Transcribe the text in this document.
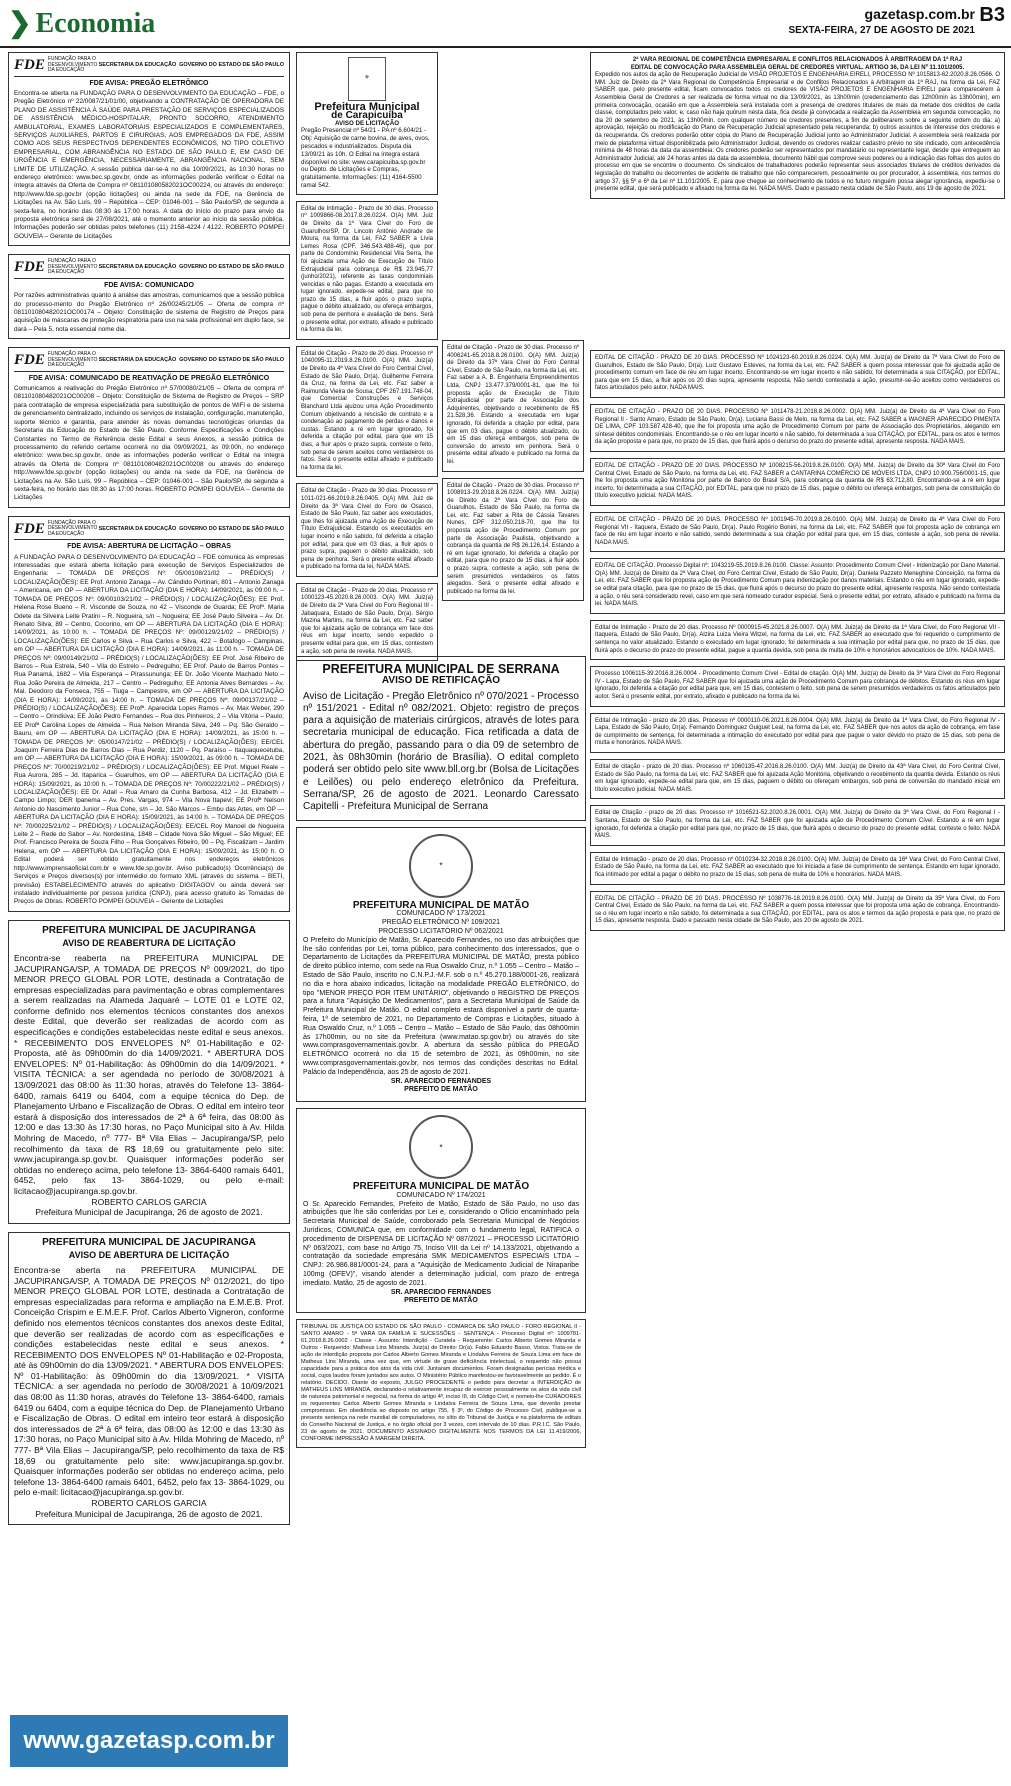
❯ Economia	gazetasp.com.br
SEXTA-FEIRA, 27 DE AGOSTO DE 2021
B3
FDE FUNDAÇÃO PARA O DESENVOLVIMENTO DA EDUCAÇÃO
SECRETARIA DA EDUCAÇÃO GOVERNO DO ESTADO DE SÃO PAULO
FDE AVISA: PREGÃO ELETRÔNICO
Encontra-se aberta na FUNDAÇÃO PARA O DESENVOLVIMENTO DA EDUCAÇÃO – FDE, o Pregão Eletrônico nº 22/0087/21/01/00, objetivando a CONTRATAÇÃO DE OPERADORA DE PLANO DE ASSISTÊNCIA À SAÚDE PARA PRESTAÇÃO DE SERVIÇOS ESPECIALIZADOS DE ASSISTÊNCIA MÉDICO-HOSPITALAR, PRONTO SOCORRO, ATENDIMENTO AMBULATORIAL, EXAMES LABORATORIAIS ESPECIALIZADOS E COMPLEMENTARES, SERVIÇOS AUXILIARES, PARTOS E CIRURGIAS, AOS EMPREGADOS DA FDE, ASSIM COMO AOS SEUS RESPECTIVOS DEPENDENTES ECONÔMICOS, NO TIPO COLETIVO EMPRESARIAL, COM ABRANGÊNCIA NO ESTADO DE SÃO PAULO E, EM CASO DE URGÊNCIA E EMERGÊNCIA, NECESSARIAMENTE, ABRANGÊNCIA NACIONAL, SEM LIMITE DE UTILIZAÇÃO. A sessão pública dar-se-á no dia 10/09/2021, às 10:30 horas no endereço eletrônico: www.bec.sp.gov.br, onde as informações poderão verificar o Edital na íntegra através da Oferta de Compra nº 081101080582021OC00224, ou através do endereço: http://www.fde.sp.gov.br (opção licitações) ou ainda na sede da FDE, na Gerência de Licitações na Av. São Luís, 99 – República – CEP: 01046-001 – São Paulo/SP, de segunda a sexta-feira, no horário das 08:30 às 17:00 horas. A data do início do prazo para envio da proposta eletrônica será de 27/08/2021, até o momento anterior ao início da sessão pública. Informações poderão ser obtidas pelos telefones (11) 2158-4224 / 4122. ROBERTO POMPEI GOUVEIA – Gerente de Licitações
FDE FUNDAÇÃO PARA O DESENVOLVIMENTO DA EDUCAÇÃO
SECRETARIA DA EDUCAÇÃO GOVERNO DO ESTADO DE SÃO PAULO
FDE AVISA: COMUNICADO
Por razões administrativas quanto à análise das amostras, comunicamos que a sessão pública do processo-mento do Pregão Eletrônico nº 26/00245/21/05 – Oferta de compra nº 081101080482021OC00174 – Objeto: Constituição de sistema de Registro de Preços para aquisição de máscaras de proteção respiratória para uso na sala profissional em duplo face, se dará – Pela 5, nota essencial nome dia.
FDE FUNDAÇÃO PARA O DESENVOLVIMENTO DA EDUCAÇÃO
SECRETARIA DA EDUCAÇÃO GOVERNO DO ESTADO DE SÃO PAULO
FDE AVISA: COMUNICADO DE REATIVAÇÃO DE PREGÃO ELETRÔNICO
Comunicamos a reativação do Pregão Eletrônico nº 57/00080/21/05 – Oferta de compra nº 081101080482021OC00208 – Objeto: Constituição de Sistema de Registro de Preços – SRP para contratação de empresa especializada para substituição de pontos de WiFi e de sistema de gerenciamento centralizado, incluindo os serviços de instalação, configuração, manutenção, suporte técnico e garantia, para atender às novas demandas tecnológicas oriundas da Secretaria da Educação do Estado de São Paulo. Conforme Especificações e Condições Constantes no Termo de Referência deste Edital e seus Anexos, a sessão pública de processamento do referido certame ocorrerá no dia 09/09/2021, às 09:00h, no endereço eletrônico: www.bec.sp.gov.br, onde as informações poderão verificar o Edital na íntegra através da Oferta de Compra nº 081101080482021OC00208 ou através do endereço http://www.fde.sp.gov.br (opção licitações) ou ainda na sede da FDE, na Gerência de Licitações na Av. São Luís, 99 – República – CEP: 01046-001 – São Paulo/SP, de segunda a sexta-feira, no horário das 08:30 às 17:00 horas. ROBERTO POMPEI GOUVEIA – Gerente de Licitações
FDE FUNDAÇÃO PARA O DESENVOLVIMENTO DA EDUCAÇÃO
SECRETARIA DA EDUCAÇÃO GOVERNO DO ESTADO DE SÃO PAULO
FDE AVISA: ABERTURA DE LICITAÇÃO – OBRAS
A FUNDAÇÃO PARA O DESENVOLVIMENTO DA EDUCAÇÃO – FDE comunica às empresas interessadas que estará aberta licitação para execução de Serviços Especializados de Engenharia: – TOMADA DE PREÇOS Nº: 05/00108/21/02 – PRÉDIO(S) / LOCALIZAÇÃO(ÕES): EE Prof. Antonio Zanaga – Av. Cândido Portinari, 801 – Antonio Zanaga – Americana, em OP — ABERTURA DA LICITAÇÃO (DIA E HORA): 14/09/2021, às 09:00 h. – TOMADA DE PREÇOS Nº: 09/00103/21/02 – PRÉDIO(S) / LOCALIZAÇÃO(ÕES): EE Prof. Helena Rose Bueno – R. Visconde de Souza, no 42 – Visconde de Guarda; EE Profª. Maria Odete da Silveira Leite Pratini – R. Nogueira, s/n – Nogueira; EE José Paulo Silveira – Av. Dr. Renato Silva, 89 – Centro, Cocorino, em OP — ABERTURA DA LICITAÇÃO (DIA E HORA): 14/09/2021, às 10:00 h. – TOMADA DE PREÇOS Nº: 09/00129/21/02 – PRÉDIO(S) / LOCALIZAÇÃO(ÕES): EE Carlos e Silva – Rua Carlos e Silva, 422 – Botafogo – Campinas, em OP — ABERTURA DA LICITAÇÃO (DIA E HORA): 14/09/2021, às 11:00 h. – TOMADA DE PREÇOS Nº: 09/00149/21/02 – PRÉDIO(S) / LOCALIZAÇÃO(ÕES): EE Prof. José Ribeiro de Barros – Rua Estrela, 540 – Vila do Estrelo – Pedregulho; EE Prof. Paulo de Barros Pontes – Rua Panamá, 1682 – Vila Esperança – Pirassununga; EE Dr. João Vicente Machado Neto – Rua João Pereira de Almeida, 217 – Centro – Pedregulho; EE Antonia Alves Bernardes – Av. Mal. Deodoro da Fonseca, 755 – Tiuga – Campestre, em OP — ABERTURA DA LICITAÇÃO (DIA E HORA): 14/09/2021, às 14:00 h. – TOMADA DE PREÇOS Nº: 09/00137/21/02 – PRÉDIO(S) / LOCALIZAÇÃO(ÕES): EE Profª. Aparecida Lopes Ramos – Av. Max Weber, 290 – Centro – Orindiúva; EE João Pedro Fernandes – Rua dos Pinheiros, 2 – Vila Vitória – Paulo; EE Profª Carolina Lopes de Almeida – Rua Nelson Miranda Silva, 249 – Pq. São Geraldo – Bauru, em OP — ABERTURA DA LICITAÇÃO (DIA E HORA): 14/09/2021, às 15:00 h. – TOMADA DE PREÇOS Nº: 05/00147/21/02 – PRÉDIO(S) / LOCALIZAÇÃO(ÕES): EE/CEL Joaquim Ferreira Dias de Barros Dias – Rua Perdiz, 1120 – Pq. Paraíso – Itaquaquecetuba, em OP — ABERTURA DA LICITAÇÃO (DIA E HORA): 15/09/2021, às 09:00 h. – TOMADA DE PREÇOS Nº: 70/00219/21/02 – PRÉDIO(S) / LOCALIZAÇÃO(ÕES): EE Prof. Miguel Reale – Rua Aurora, 285 – Jd. Itaparica – Guarulhos, em OP — ABERTURA DA LICITAÇÃO (DIA E HORA): 15/09/2021, às 10:00 h. – TOMADA DE PREÇOS Nº: 70/00222/21/02 – PRÉDIO(S) / LOCALIZAÇÃO(ÕES): EE Dr. Adail – Rua Amaro da Cunha Barbosa, 412 – Jd. Elizabeth – Campo Limpo; DER Ipanema – Av. Pres. Vargas, 974 – Vila Nova Itapevi; EE Profª Nelson Antonio do Nascimento Junior – Rua Cohe, s/n – Jd. São Marcos – Embu das Artes, em OP — ABERTURA DA LICITAÇÃO (DIA E HORA): 15/09/2021, às 14:00 h. – TOMADA DE PREÇOS Nº: 70/00225/21/02 – PRÉDIO(S) / LOCALIZAÇÃO(ÕES): EE/CEL Roy Manoel de Nogueira Leite 2 – Rede do Sabor – Av. Nordestina, 1848 – Cidade Nova São Miguel – São Miguel; EE Prof. Francisco Pereira de Souza Filho – Rua Gonçalves Ribeiro, 90 – Pq. Fiscalizam – Jardim Helena, em OP — ABERTURA DA LICITAÇÃO (DIA E HORA): 15/09/2021, às 15:00 h. O Edital poderá ser obtido gratuitamente nos endereços eletrônicos http://www.imprensaoficial.com.br e www.fde.sp.gov.br. Aviso publicado(s) Ocorrência(s) de Serviços e Preços diversos(s) por intermédio do formato XML (através do sistema – BETI, previsão) ESTABELECIMENTO através do aplicativo DIGITAGOV ou ainda deverá ser instalado individualmente por pessoa jurídica (CNPJ), para acesso gratuito às Tomadas de Preços de Obras. ROBERTO POMPEI GOUVEIA – Gerente de Licitações
PREFEITURA MUNICIPAL DE JACUPIRANGA
AVISO DE REABERTURA DE LICITAÇÃO
Encontra-se reaberta na PREFEITURA MUNICIPAL DE JACUPIRANGA/SP, A TOMADA DE PREÇOS Nº 009/2021, do tipo MENOR PREÇO GLOBAL POR LOTE, destinada a Contratação de empresas especializadas para pavimentação e obras complementares a serem realizadas na Alameda Jaquaré – LOTE 01 e LOTE 02, conforme definido nos elementos técnicos constantes dos anexos deste Edital, que deverão ser realizadas de acordo com as especificações e condições estabelecidas neste edital e seus anexos. * RECEBIMENTO DOS ENVELOPES Nº 01-Habilitação e 02-Proposta, até às 09h00min do dia 14/09/2021. * ABERTURA DOS ENVELOPES: Nº 01-Habilitação: às 09h00min do dia 14/09/2021. * VISITA TÉCNICA: a ser agendada no período de 30/08/2021 à 13/09/2021 das 08:00 às 11:30 horas, através do Telefone 13- 3864-6400, ramais 6419 ou 6404, com a equipe técnica do Dep. de Planejamento Urbano e Fiscalização de Obras. O edital em inteiro teor estará à disposição dos interessados de 2ª à 6ª feira, das 08:00 às 12:00 e das 13:30 às 17:30 horas, no Paço Municipal sito à Av. Hilda Mohring de Macedo, nº 777- Bª Vila Elias – Jacupiranga/SP, pelo recolhimento da taxa de R$ 18,69 ou gratuitamente pelo site: www.jacupiranga.sp.gov.br. Quaisquer informações poderão ser obtidas no endereço acima, pelo telefone 13- 3864-6400 ramais 6401, 6452, pelo fax 13- 3864-1029, ou pelo e-mail: licitacao@jacupiranga.sp.gov.br.
ROBERTO CARLOS GARCIA
Prefeitura Municipal de Jacupiranga, 26 de agosto de 2021.
PREFEITURA MUNICIPAL DE JACUPIRANGA
AVISO DE ABERTURA DE LICITAÇÃO
Encontra-se aberta na PREFEITURA MUNICIPAL DE JACUPIRANGA/SP, A TOMADA DE PREÇOS Nº 012/2021, do tipo MENOR PREÇO GLOBAL POR LOTE, destinada a Contratação de empresas especializadas para reforma e ampliação na E.M.E.B. Prof. Conceição Crispim e E.M.E.F. Prof. Carlos Alberto Vigneron, conforme definido nos elementos técnicos constantes dos anexos deste Edital, que deverão ser realizadas de acordo com as especificações e condições estabelecidas neste edital e seus anexos. * RECEBIMENTO DOS ENVELOPES Nº 01-Habilitação e 02-Proposta, até às 09h00min do dia 13/09/2021. * ABERTURA DOS ENVELOPES: Nº 01-Habilitação: às 09h00min do dia 13/09/2021. * VISITA TÉCNICA: a ser agendada no período de 30/08/2021 à 10/09/2021 das 08:00 às 11:30 horas, através do Telefone 13- 3864-6400, ramais 6419 ou 6404, com a equipe técnica do Dep. de Planejamento Urbano e Fiscalização de Obras. O edital em inteiro teor estará à disposição dos interessados de 2ª à 6ª feira, das 08:00 às 12:00 e das 13:30 às 17:30 horas, no Paço Municipal sito à Av. Hilda Mohring de Macedo, nº 777- Bª Vila Elias – Jacupiranga/SP, pelo recolhimento da taxa de R$ 18,69 ou gratuitamente pelo site: www.jacupiranga.sp.gov.br. Quaisquer informações poderão ser obtidas no endereço acima, pelo telefone 13- 3864-6400 ramais 6401, 6452, pelo fax 13- 3864-1029, ou pelo e-mail: licitacao@jacupiranga.sp.gov.br.
ROBERTO CARLOS GARCIA
Prefeitura Municipal de Jacupiranga, 26 de agosto de 2021.
www.gazetasp.com.br
⚜
Prefeitura Municipal
de Carapicuíba
AVISO DE LICITAÇÃO
Pregão Presencial nº 54/21 - PA nº 6.604/21 - Obj: Aquisição de carne bovina, de aves, ovos, pescados e industrializados. Disputa dia 13/09/21 às 10h. O Edital na íntegra estará disponível no site: www.carapicuiba.sp.gov.br ou Depto. de Licitações e Compras, gratuitamente. Informações: (11) 4164-5500 ramal 542.
Edital de Intimação - Prazo de 30 dias. Processo nº 1009866-08.2017.8.26.0224. O(A) MM. Juiz de Direito da 1ª Vara Cível do Foro de Guarulhos/SP, Dr. Lincoln Antônio Andrade de Moura, na forma da Lei, FAZ SABER a Lívia Lemes Rosa (CPF. 346.543.488-46), que por parte de Condomínio Residencial Vila Serra, lhe foi ajuizada uma Ação de Execução de Título Extrajudicial para cobrança de R$ 23.945,77 (junho/2021), referente às taxas condominiais vencidas e não pagas. Estando a executada em lugar ignorado, expede-se edital, para que no prazo de 15 dias, a fluir após o prazo supra, pague o débito atualizado, ou ofereça embargos, sob pena de penhora e avaliação de bens. Será o presente edital, por extrato, afixado e publicado na forma da lei.
Edital de Citação - Prazo de 20 dias. Processo nº 1040095-11.2019.8.26.0100. O(A) MM. Juiz(a) de Direito da 4ª Vara Cível do Foro Central Cível, Estado de São Paulo, Dr(a). Guilherme Ferreira da Cruz, na forma da Lei, etc. Faz saber a Raimunda Vieira de Sousa, CPF 267.191.748-04, que Comercial Construções e Serviços Blanchard Ltda ajuizou uma Ação Procedimento Comum objetivando a rescisão de contrato e a condenação ao pagamento de perdas e danos e custas. Estando a ré em lugar ignorado, foi deferida a citação por edital, para que em 15 dias, a fluir após o prazo supra, conteste o feito, sob pena de serem aceitos como verdadeiros os fatos. Será o presente edital afixado e publicado na forma da lei.
Edital de Citação - Prazo de 30 dias. Processo nº 1011-021-66.2019.8.26.0405. O(A) MM. Juiz de Direito da 3ª Vara Cível do Foro de Osasco, Estado de São Paulo, faz saber aos executados, que lhes foi ajuizada uma Ação de Execução de Título Extrajudicial. Estando os executados em lugar incerto e não sabido, foi deferida a citação por edital, para que em 03 dias, a fluir após o prazo supra, paguem o débito atualizado, sob pena de penhora. Será o presente edital afixado e publicado na forma da lei, NADA MAIS.
Edital de Citação - Prazo de 20 dias. Processo nº 1000123-45.2020.8.26.0003. O(A) MM. Juiz(a) de Direito da 2ª Vara Cível do Foro Regional III - Jabaquara, Estado de São Paulo, Dr(a). Sérgio Mazina Martins, na forma da Lei, etc. Faz saber que foi ajuizada ação de cobrança em face dos réus em lugar incerto, sendo expedido o presente edital para que, em 15 dias, contestem a ação, sob pena de revelia. NADA MAIS.
Edital de Citação - Prazo de 30 dias. Processo nº 4006241-65.2018.8.26.0100. O(A) MM. Juiz(a) de Direito da 37ª Vara Cível do Foro Central Cível, Estado de São Paulo, na forma da Lei, etc. Faz saber a A. B. Engenharia Empreendimentos Ltda, CNPJ 13.477.379/0001-81, que lhe foi proposta ação de Execução de Título Extrajudicial por parte de Associação dos Adquirentes, objetivando o recebimento de R$ 21.528,36. Estando a executada em lugar ignorado, foi deferida a citação por edital, para que em 03 dias, pague o débito atualizado, ou em 15 dias ofereça embargos, sob pena de conversão do arresto em penhora. Será o presente edital afixado e publicado na forma da lei.
Edital de Citação - Prazo de 30 dias. Processo nº 1008913-29.2018.8.26.0224. O(A) MM. Juiz(a) de Direito da 2ª Vara Cível do Foro de Guarulhos, Estado de São Paulo, na forma da Lei, etc. Faz saber a Rita de Cássia Tavares Nunes, CPF 312.050.218-70, que lhe foi proposta ação de Procedimento Comum por parte de Associação Paulista, objetivando a cobrança da quantia de R$ 26.126,14. Estando a ré em lugar ignorado, foi deferida a citação por edital, para que no prazo de 15 dias, a fluir após o prazo supra, conteste a ação, sob pena de serem presumidos verdadeiros os fatos alegados. Será o presente edital afixado e publicado na forma da lei.
2ª VARA REGIONAL DE COMPETÊNCIA EMPRESARIAL E CONFLITOS RELACIONADOS À ARBITRAGEM DA 1ª RAJ
EDITAL DE CONVOCAÇÃO PARA ASSEMBLEIA GERAL DE CREDORES VIRTUAL. ARTIGO 36, DA LEI Nº 11.101/2005.
Expedido nos autos da ação de Recuperação Judicial de VISÃO PROJETOS E ENGENHARIA EIRELI, PROCESSO Nº 1015813-62.2020.8.26.0566. O MM. Juiz de Direito da 2ª Vara Regional de Competência Empresarial e de Conflitos Relacionados à Arbitragem da 1ª RAJ, na forma da Lei, FAZ SABER que, pelo presente edital, ficam convocados todos os credores de VISÃO PROJETOS E ENGENHARIA EIRELI para comparecerem à Assembleia Geral de Credores a ser realizada de forma virtual no dia 13/09/2021, às 13h00min (credenciamento das 12h00min às 13h00min), em primeira convocação, ocasião em que a Assembleia será instalada com a presença de credores titulares de mais da metade dos créditos de cada classe, computados pelo valor, e, caso não haja quórum nesta data, fica desde já convocada a realização da Assembleia em segunda convocação, no dia 20 de setembro de 2021, às 13h00min, com qualquer número de credores presentes, a fim de deliberarem sobre a seguinte ordem do dia: a) aprovação, rejeição ou modificação do Plano de Recuperação Judicial apresentado pela recuperanda; b) outros assuntos de interesse dos credores e da recuperanda. Os credores poderão obter cópia do Plano de Recuperação Judicial junto ao Administrador Judicial. A assembleia será realizada por meio de plataforma virtual disponibilizada pelo Administrador Judicial, devendo os credores realizar cadastro prévio no site indicado, com antecedência mínima de 48 horas da data da assembleia. Os credores poderão ser representados por mandatário ou representante legal, desde que entreguem ao Administrador Judicial, até 24 horas antes da data da assembleia, documento hábil que comprove seus poderes ou a indicação das folhas dos autos do processo em que se encontre o documento. Os sindicatos de trabalhadores poderão representar seus associados titulares de créditos derivados da legislação do trabalho ou decorrentes de acidente de trabalho que não comparecerem, pessoalmente ou por procurador, à assembleia, nos termos do artigo 37, §§ 5º e 6º da Lei nº 11.101/2005. E, para que chegue ao conhecimento de todos e no futuro ninguém possa alegar ignorância, expediu-se o presente edital, que será publicado e afixado na forma da lei. NADA MAIS. Dado e passado nesta cidade de São Paulo, aos 19 de agosto de 2021.
PREFEITURA MUNICIPAL DE SERRANA
AVISO DE RETIFICAÇÃO
Aviso de Licitação - Pregão Eletrônico nº 070/2021 - Processo nº 151/2021 - Edital nº 082/2021. Objeto: registro de preços para a aquisição de materiais cirúrgicos, através de lotes para secretaria municipal de educação. Fica retificada a data de abertura do pregão, passando para o dia 09 de setembro de 2021, às 08h30min (horário de Brasília). O edital completo poderá ser obtido pelo site www.bll.org.br (Bolsa de Licitações e Leilões) ou pelo endereço eletrônico da Prefeitura. Serrana/SP, 26 de agosto de 2021. Leonardo Caressato Capitelli - Prefeitura Municipal de Serrana
✦
PREFEITURA MUNICIPAL DE MATÃO
COMUNICADO Nº 173/2021
PREGÃO ELETRÔNICO Nº 109/2021
PROCESSO LICITATÓRIO Nº 062/2021
O Prefeito do Município de Matão, Sr. Aparecido Fernandes, no uso das atribuições que lhe são conferidas por Lei, torna público, para conhecimento dos interessados, que o Departamento de Licitações da PREFEITURA MUNICIPAL DE MATÃO, presta público de direito público interno, com sede na Rua Oswaldo Cruz, n.º 1.055 – Centro – Matão – Estado de São Paulo, inscrito no C.N.P.J.-M.F. sob o n.º 45.270.188/0001-26, realizará no dia e hora abaixo indicados, licitação na modalidade PREGÃO ELETRÔNICO, do tipo "MENOR PREÇO POR ITEM UNITÁRIO", objetivando o REGISTRO DE PREÇOS para a futura "Aquisição De Medicamentos", para a Secretaria Municipal de Saúde da Prefeitura Municipal de Matão. O edital completo estará disponível a partir de quarta-feira, 1º de setembro de 2021, no Departamento de Compras e Licitações, situado à Rua Oswaldo Cruz, n.º 1.055 – Centro – Matão – Estado de São Paulo, das 08h00min às 17h00min, ou no site da Prefeitura (www.matao.sp.gov.br) ou através do site www.comprasgovernamentais.gov.br. A abertura da sessão pública do PREGÃO ELETRÔNICO ocorrerá no dia 15 de setembro de 2021, às 09h00min, no site www.comprasgovernamentais.gov.br, nos termos das condições descritas no Edital. Palácio da Independência, aos 25 de agosto de 2021.
SR. APARECIDO FERNANDES
PREFEITO DE MATÃO
✦
PREFEITURA MUNICIPAL DE MATÃO
COMUNICADO Nº 174/2021
O Sr. Aparecido Fernandes, Prefeito de Matão, Estado de São Paulo, no uso das atribuições que lhe são conferidas por Lei e, considerando o Ofício encaminhado pela Secretaria Municipal de Saúde, corroborado pela Secretaria Municipal de Negócios Jurídicos, COMUNICA que, em conformidade com o fundamento legal, RATIFICA o procedimento de DISPENSA DE LICITAÇÃO Nº 087/2021 – PROCESSO LICITATÓRIO Nº 063/2021, com base no Artigo 75, Inciso VIII da Lei nº 14.133/2021, objetivando a contratação da sociedade empresária SMK MEDICAMENTOS ESPECIAIS LTDA – CNPJ: 26.986.881/0001-24, para a "Aquisição de Medicamento Judicial de Niraparibe 100mg (OFEV)", visando atender a determinação judicial, com prazo de entrega imediato. Matão, 25 de agosto de 2021.
SR. APARECIDO FERNANDES
PREFEITO DE MATÃO
TRIBUNAL DE JUSTIÇA DO ESTADO DE SÃO PAULO - COMARCA DE SÃO PAULO - FORO REGIONAL II - SANTO AMARO - 5ª VARA DA FAMÍLIA E SUCESSÕES - SENTENÇA - Processo Digital nº: 1009781-61.2018.8.26.0002 - Classe - Assunto: Interdição - Curatela - Requerente: Carlos Alberto Gomes Miranda e Outros - Requerido: Matheus Lins Miranda. Juiz(a) de Direito: Dr(a). Fabio Eduardo Basso. Vistos. Trata-se de ação de interdição proposta por Carlos Alberto Gomes Miranda e Lindalva Ferreira de Souza Lima em face de Matheus Lins Miranda, uma vez que, em virtude de grave deficiência intelectual, o requerido não possui capacidade para a prática dos atos da vida civil. Juntaram documentos. Foram designadas perícias médica e social, cujos laudos foram juntados aos autos. O Ministério Público manifestou-se favoravelmente ao pedido. É o relatório. DECIDO. Diante do exposto, JULGO PROCEDENTE o pedido para decretar a INTERDIÇÃO de MATHEUS LINS MIRANDA, declarando-o relativamente incapaz de exercer pessoalmente os atos da vida civil de natureza patrimonial e negocial, na forma do artigo 4º, inciso III, do Código Civil, e nomeio-lhe CURADORES os requerentes Carlos Alberto Gomes Miranda e Lindalva Ferreira de Souza Lima, que deverão prestar compromisso. Em obediência ao disposto no artigo 755, § 3º, do Código de Processo Civil, publique-se a presente sentença na rede mundial de computadores, no sítio do Tribunal de Justiça e na plataforma de editais do Conselho Nacional de Justiça, e no órgão oficial por 3 vezes, com intervalo de 10 dias. P.R.I.C. São Paulo, 23 de agosto de 2021. DOCUMENTO ASSINADO DIGITALMENTE NOS TERMOS DA LEI 11.419/2006, CONFORME IMPRESSÃO À MARGEM DIREITA.
EDITAL DE CITAÇÃO - PRAZO DE 20 DIAS. PROCESSO Nº 1024123-60.2019.8.26.0224. O(A) MM. Juiz(a) de Direito da 7ª Vara Cível do Foro de Guarulhos, Estado de São Paulo, Dr(a). Luiz Gustavo Esteves, na forma da Lei, etc. FAZ SABER a quem possa interessar que foi ajuizada ação de procedimento comum em face de réu em lugar incerto. Encontrando-se em lugar incerto e não sabido, foi determinada a sua CITAÇÃO, por EDITAL, para que em 15 dias, a fluir após os 20 dias supra, apresente resposta. Não sendo contestada a ação, presumir-se-ão aceitos como verdadeiros os fatos articulados pelo autor. NADA MAIS.
EDITAL DE CITAÇÃO - PRAZO DE 20 DIAS. PROCESSO Nº 1011478-21.2018.8.26.0002. O(A) MM. Juiz(a) de Direito da 4ª Vara Cível do Foro Regional II - Santo Amaro, Estado de São Paulo, Dr(a). Luciana Bassi de Melo, na forma da Lei, etc. FAZ SABER a WAGNER APARECIDO PIMENTA DE LIMA, CPF 103.587.428-40, que lhe foi proposta uma ação de Procedimento Comum por parte de Associação dos Proprietários, alegando em síntese débitos condominiais. Encontrando-se o réu em lugar incerto e não sabido, foi determinada a sua CITAÇÃO, por EDITAL, para os atos e termos da ação proposta e para que, no prazo de 15 dias, que fluirá após o decurso do prazo do presente edital, apresente resposta. NADA MAIS.
EDITAL DE CITAÇÃO - PRAZO DE 20 DIAS. PROCESSO Nº 1008215-56.2019.8.26.0100. O(A) MM. Juiz(a) de Direito da 30ª Vara Cível do Foro Central Cível, Estado de São Paulo, na forma da Lei, etc. FAZ SABER a CANTARINA COMÉRCIO DE MÓVEIS LTDA, CNPJ 10.900.756/0001-15, que lhe foi proposta uma ação Monitória por parte de Banco do Brasil S/A, para cobrança da quantia de R$ 63.712,80. Encontrando-se a ré em lugar incerto, foi determinada a sua CITAÇÃO, por EDITAL, para que no prazo de 15 dias, pague o débito ou ofereça embargos, sob pena de constituição do título executivo judicial. NADA MAIS.
EDITAL DE CITAÇÃO - PRAZO DE 20 DIAS. PROCESSO Nº 1001945-70.2019.8.26.0100. O(A) MM. Juiz(a) de Direito da 4ª Vara Cível do Foro Regional VII - Itaquera, Estado de São Paulo, Dr(a). Paulo Rogério Bonini, na forma da Lei, etc. FAZ SABER que foi proposta ação de cobrança em face de réu em lugar incerto e não sabido, sendo determinada a sua citação por edital para que, em 15 dias, conteste a ação, sob pena de revelia. NADA MAIS.
EDITAL DE CITAÇÃO. Processo Digital nº: 1043219-55.2019.8.26.0100. Classe: Assunto: Procedimento Comum Cível - Indenização por Dano Material. O(A) MM. Juiz(a) de Direito da 2ª Vara Cível, do Foro Central Cível, Estado de São Paulo, Dr(a). Daniela Pazzeto Meneghine Conceição, na forma da Lei, etc. FAZ SABER que foi proposta ação de Procedimento Comum para indenização por danos materiais. Estando o réu em lugar ignorado, expede-se edital para citação, para que no prazo de 15 dias, que fluirá após o decurso do prazo do presente edital, apresente resposta. Não sendo contestada a ação, o réu será considerado revel, caso em que será nomeado curador especial. Será o presente edital, por extrato, afixado e publicado na forma da lei. NADA MAIS.
Edital de Intimação - Prazo de 20 dias. Processo Nº 0000915-45.2021.8.26.0007. O(A) MM. Juiz(a) de Direito da 1ª Vara Cível, do Foro Regional VII - Itaquera, Estado de São Paulo, Dr(a). Alzira Luiza Vieira Witzel, na forma da Lei, etc. FAZ SABER ao executado que foi requerido o cumprimento de sentença no valor atualizado. Estando o executado em lugar ignorado, foi determinada a sua intimação por edital para que, no prazo de 15 dias, que fluirá após o decurso do prazo do presente edital, pague a quantia devida, sob pena de multa de 10% e honorários advocatícios de 10%. NADA MAIS.
Processo 1006115-39.2016.8.26.0004 - Procedimento Comum Cível - Edital de citação. O(A) MM. Juiz(a) de Direito da 3ª Vara Cível do Foro Regional IV - Lapa, Estado de São Paulo, FAZ SABER que foi ajuizada uma ação de Procedimento Comum para cobrança de débitos. Estando os réus em lugar ignorado, foi deferida a citação por edital para que, em 15 dias, contestem o feito, sob pena de serem presumidos verdadeiros os fatos articulados pelo autor. Será o presente edital, por extrato, afixado e publicado na forma da lei.
Edital de Intimação - prazo de 20 dias. Processo nº 0000110-06.2021.8.26.0004. O(A) MM. Juiz(a) de Direito da 1ª Vara Cível, do Foro Regional IV - Lapa, Estado de São Paulo, Dr(a). Fernando Dominguez Guiguet Leal, na forma da Lei, etc. FAZ SABER que nos autos da ação de cobrança, em fase de cumprimento de sentença, foi determinada a intimação do executado por edital para que pague o valor devido no prazo de 15 dias, sob pena de multa e honorários. NADA MAIS.
Edital de citação - prazo de 20 dias. Processo nº 1060135-47.2016.8.26.0100. O(A) MM. Juiz(a) de Direito da 43ª Vara Cível, do Foro Central Cível, Estado de São Paulo, na forma da Lei, etc. FAZ SABER que foi ajuizada Ação Monitória, objetivando o recebimento da quantia devida. Estando os réus em lugar ignorado, expede-se edital para que, em 15 dias, paguem o débito ou ofereçam embargos, sob pena de conversão do mandado inicial em título executivo judicial. NADA MAIS.
Edital de Citação - prazo de 20 dias. Processo nº 1016521-52.2020.8.26.0001. O(A) MM. Juiz(a) de Direito da 3ª Vara Cível, do Foro Regional I - Santana, Estado de São Paulo, na forma da Lei, etc. FAZ SABER que foi ajuizada ação de Procedimento Comum Cível. Estando a ré em lugar ignorado, foi deferida a citação por edital para que, no prazo de 15 dias, que fluirá após o decurso do prazo do presente edital, conteste o feito. NADA MAIS.
Edital de Intimação - prazo de 20 dias. Processo nº 0010234-32.2018.8.26.0100. O(A) MM. Juiz(a) de Direito da 16ª Vara Cível, do Foro Central Cível, Estado de São Paulo, na forma da Lei, etc. FAZ SABER ao executado que foi iniciada a fase de cumprimento de sentença. Estando em lugar ignorado, fica intimado por edital a pagar o débito no prazo de 15 dias, sob pena de multa de 10% e honorários. NADA MAIS.
EDITAL DE CITAÇÃO - PRAZO DE 20 DIAS. PROCESSO Nº 1038776-18.2019.8.26.0100. O(A) MM. Juiz(a) de Direito da 35ª Vara Cível, do Foro Central Cível, Estado de São Paulo, na forma da Lei, etc. FAZ SABER a quem possa interessar que foi proposta uma ação de cobrança. Encontrando-se o réu em lugar incerto e não sabido, foi determinada a sua CITAÇÃO, por EDITAL, para os atos e termos da ação proposta e para que, no prazo de 15 dias, apresente resposta. Dado e passado nesta cidade de São Paulo, aos 20 de agosto de 2021.
